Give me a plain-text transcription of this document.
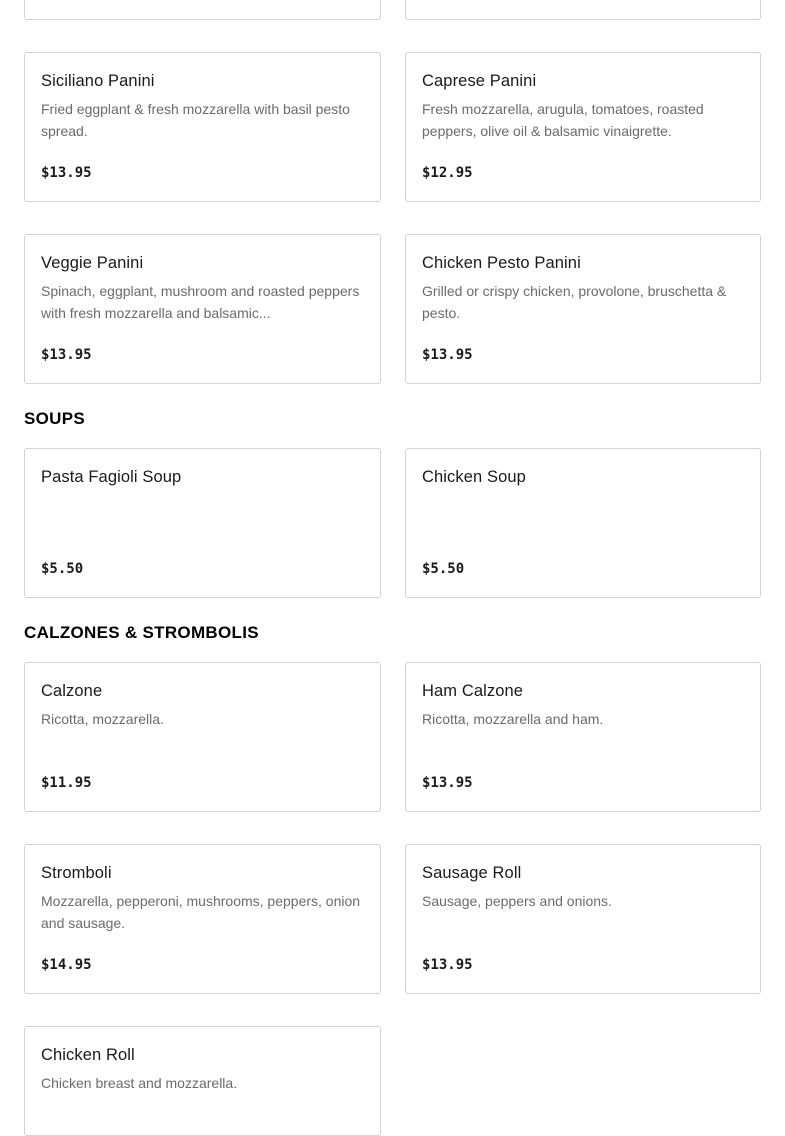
Siciliano Panini
Fried eggplant & fresh mozzarella with basil pesto spread.
$13.95
Caprese Panini
Fresh mozzarella, arugula, tomatoes, roasted peppers, olive oil & balsamic vinaigrette.
$12.95
Veggie Panini
Spinach, eggplant, mushroom and roasted peppers with fresh mozzarella and balsamic...
$13.95
Chicken Pesto Panini
Grilled or crispy chicken, provolone, bruschetta & pesto.
$13.95
SOUPS
Pasta Fagioli Soup
$5.50
Chicken Soup
$5.50
CALZONES & STROMBOLIS
Calzone
Ricotta, mozzarella.
$11.95
Ham Calzone
Ricotta, mozzarella and ham.
$13.95
Stromboli
Mozzarella, pepperoni, mushrooms, peppers, onion and sausage.
$14.95
Sausage Roll
Sausage, peppers and onions.
$13.95
Chicken Roll
Chicken breast and mozzarella.
